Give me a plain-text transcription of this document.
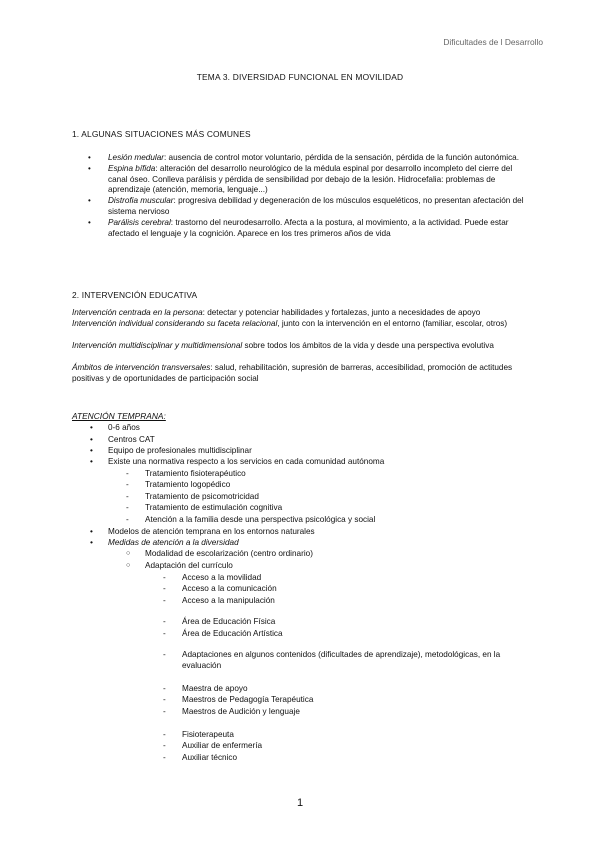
Dificultades de l Desarrollo
TEMA 3. DIVERSIDAD FUNCIONAL EN MOVILIDAD
1. ALGUNAS SITUACIONES MÁS COMUNES
• Lesión medular: ausencia de control motor voluntario, pérdida de la sensación, pérdida de la función autonómica.
• Espina bífida: alteración del desarrollo neurológico de la médula espinal por desarrollo incompleto del cierre del canal óseo. Conlleva parálisis y pérdida de sensibilidad por debajo de la lesión. Hidrocefalia: problemas de aprendizaje (atención, memoria, lenguaje...)
• Distrofia muscular: progresiva debilidad y degeneración de los músculos esqueléticos, no presentan afectación del sistema nervioso
• Parálisis cerebral: trastorno del neurodesarrollo. Afecta a la postura, al movimiento, a la actividad. Puede estar afectado el lenguaje y la cognición. Aparece en los tres primeros años de vida
2. INTERVENCIÓN EDUCATIVA
Intervención centrada en la persona: detectar y potenciar habilidades y fortalezas, junto a necesidades de apoyo
Intervención individual considerando su faceta relacional, junto con la intervención en el entorno (familiar, escolar, otros)
Intervención multidisciplinar y multidimensional sobre todos los ámbitos de la vida y desde una perspectiva evolutiva
Ámbitos de intervención transversales: salud, rehabilitación, supresión de barreras, accesibilidad, promoción de actitudes positivas y de oportunidades de participación social
ATENCIÓN TEMPRANA:
• 0-6 años
• Centros CAT
• Equipo de profesionales multidisciplinar
• Existe una normativa respecto a los servicios en cada comunidad autónoma
- Tratamiento fisioterapéutico
- Tratamiento logopédico
- Tratamiento de psicomotricidad
- Tratamiento de estimulación cognitiva
- Atención a la familia desde una perspectiva psicológica y social
• Modelos de atención temprana en los entornos naturales
• Medidas de atención a la diversidad
○ Modalidad de escolarización (centro ordinario)
○ Adaptación del currículo
- Acceso a la movilidad
- Acceso a la comunicación
- Acceso a la manipulación
- Área de Educación Física
- Área de Educación Artística
- Adaptaciones en algunos contenidos (dificultades de aprendizaje), metodológicas, en la evaluación
- Maestra de apoyo
- Maestros de Pedagogía Terapéutica
- Maestros de Audición y lenguaje
- Fisioterapeuta
- Auxiliar de enfermería
- Auxiliar técnico
1
